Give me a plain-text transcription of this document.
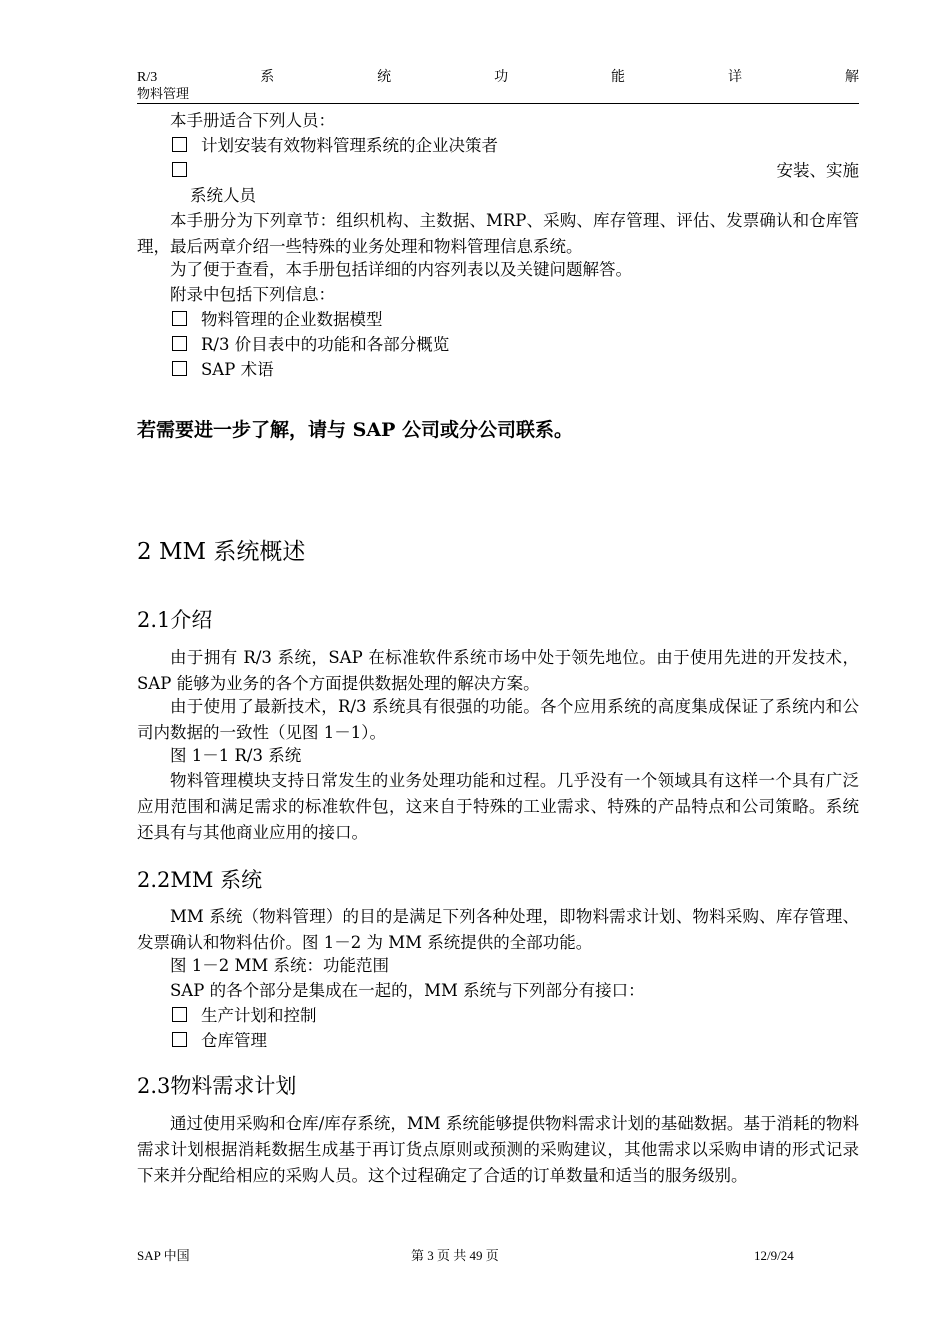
R/3	系	统	功	能	详	解
物料管理
本手册适合下列人员：
计划安装有效物料管理系统的企业决策者
安装、实施
系统人员
本手册分为下列章节：组织机构、主数据、MRP、采购、库存管理、评估、发票确认和仓库管理，最后两章介绍一些特殊的业务处理和物料管理信息系统。
为了便于查看，本手册包括详细的内容列表以及关键问题解答。
附录中包括下列信息：
物料管理的企业数据模型
R/3 价目表中的功能和各部分概览
SAP 术语
若需要进一步了解，请与 SAP 公司或分公司联系。
2 MM 系统概述
2.1介绍
由于拥有 R/3 系统，SAP 在标准软件系统市场中处于领先地位。由于使用先进的开发技术，SAP 能够为业务的各个方面提供数据处理的解决方案。
由于使用了最新技术，R/3 系统具有很强的功能。各个应用系统的高度集成保证了系统内和公司内数据的一致性（见图 1－1）。
图 1－1 R/3 系统
物料管理模块支持日常发生的业务处理功能和过程。几乎没有一个领域具有这样一个具有广泛应用范围和满足需求的标准软件包，这来自于特殊的工业需求、特殊的产品特点和公司策略。系统还具有与其他商业应用的接口。
2.2MM 系统
MM 系统（物料管理）的目的是满足下列各种处理，即物料需求计划、物料采购、库存管理、发票确认和物料估价。图 1－2 为 MM 系统提供的全部功能。
图 1－2 MM 系统：功能范围
SAP 的各个部分是集成在一起的，MM 系统与下列部分有接口：
生产计划和控制
仓库管理
2.3物料需求计划
通过使用采购和仓库/库存系统，MM 系统能够提供物料需求计划的基础数据。基于消耗的物料需求计划根据消耗数据生成基于再订货点原则或预测的采购建议，其他需求以采购申请的形式记录下来并分配给相应的采购人员。这个过程确定了合适的订单数量和适当的服务级别。
SAP 中国	第 3 页 共 49 页	12/9/24
